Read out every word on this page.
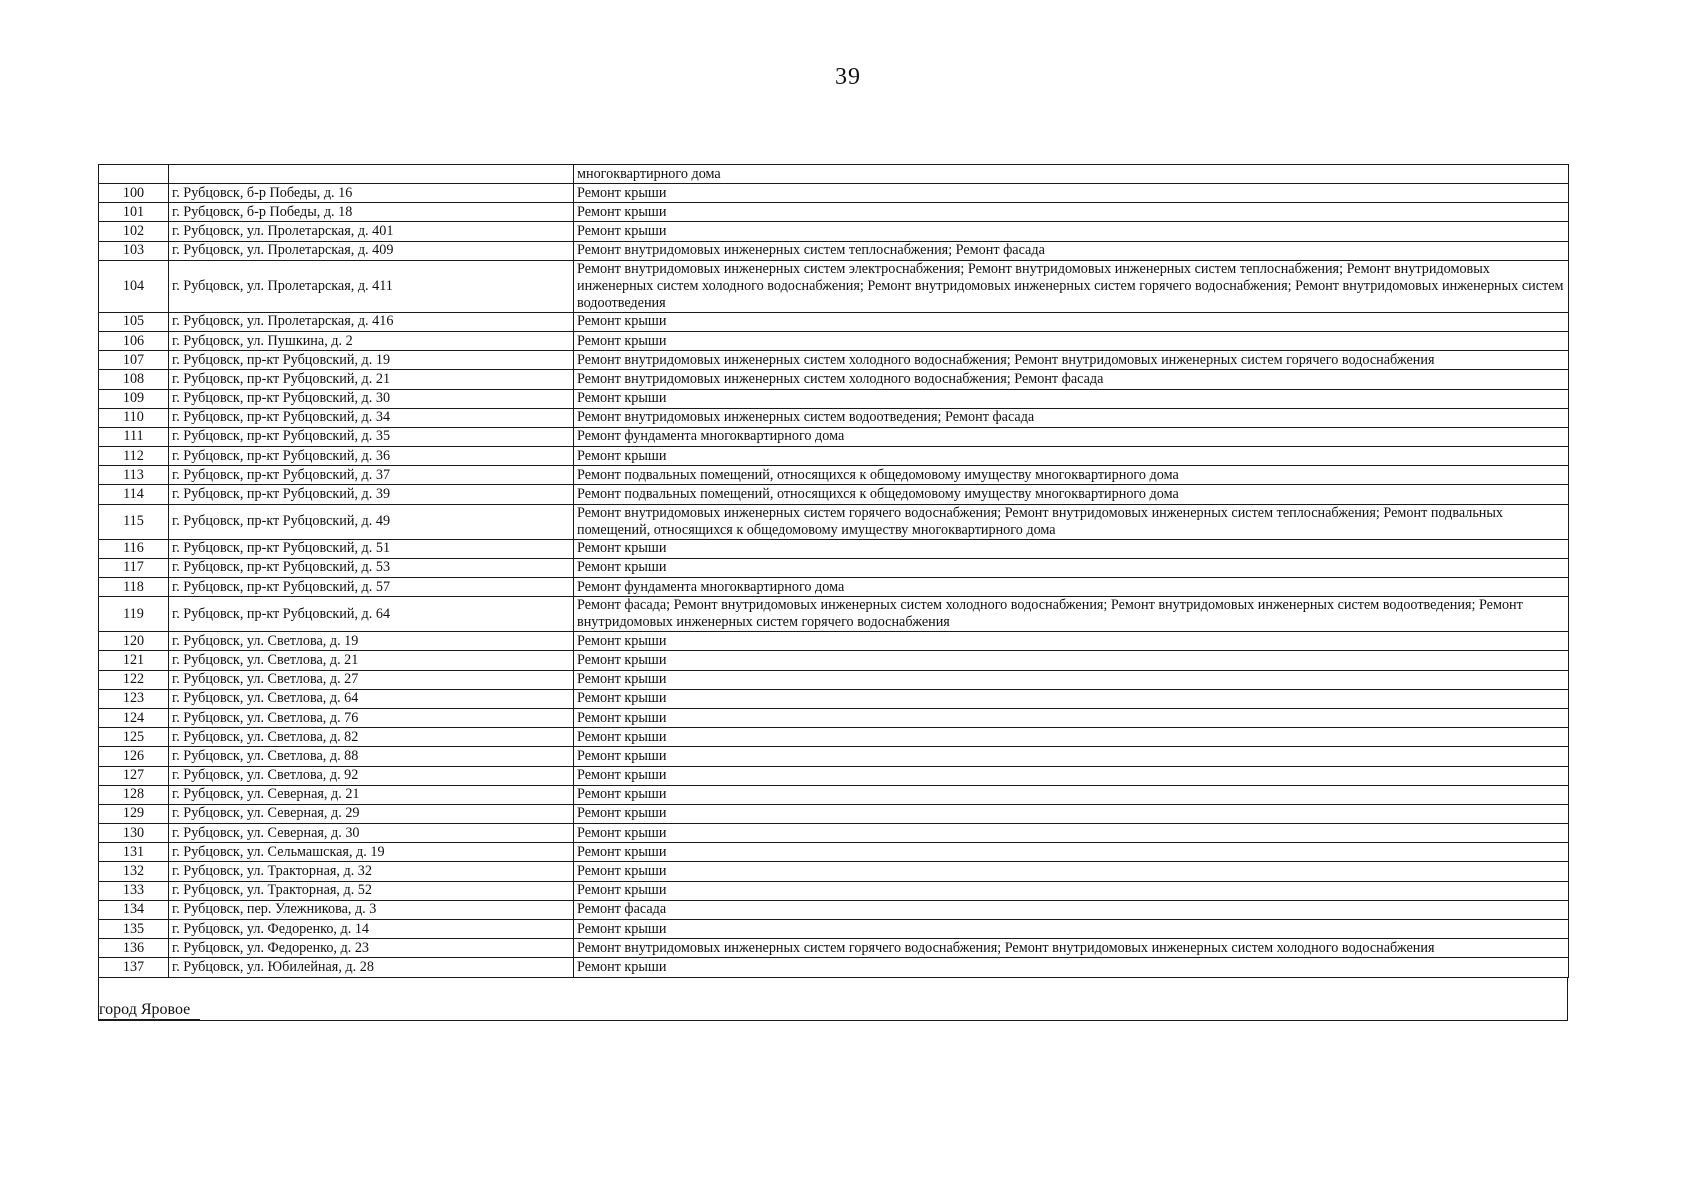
39
		многоквартирного дома
100	г. Рубцовск, б-р Победы, д. 16	Ремонт крыши
101	г. Рубцовск, б-р Победы, д. 18	Ремонт крыши
102	г. Рубцовск, ул. Пролетарская, д. 401	Ремонт крыши
103	г. Рубцовск, ул. Пролетарская, д. 409	Ремонт внутридомовых инженерных систем теплоснабжения; Ремонт фасада
104	г. Рубцовск, ул. Пролетарская, д. 411	Ремонт внутридомовых инженерных систем электроснабжения; Ремонт внутридомовых инженерных систем теплоснабжения; Ремонт внутридомовых инженерных систем холодного водоснабжения; Ремонт внутридомовых инженерных систем горячего водоснабжения; Ремонт внутридомовых инженерных систем водоотведения
105	г. Рубцовск, ул. Пролетарская, д. 416	Ремонт крыши
106	г. Рубцовск, ул. Пушкина, д. 2	Ремонт крыши
107	г. Рубцовск, пр-кт Рубцовский, д. 19	Ремонт внутридомовых инженерных систем холодного водоснабжения; Ремонт внутридомовых инженерных систем горячего водоснабжения
108	г. Рубцовск, пр-кт Рубцовский, д. 21	Ремонт внутридомовых инженерных систем холодного водоснабжения; Ремонт фасада
109	г. Рубцовск, пр-кт Рубцовский, д. 30	Ремонт крыши
110	г. Рубцовск, пр-кт Рубцовский, д. 34	Ремонт внутридомовых инженерных систем водоотведения; Ремонт фасада
111	г. Рубцовск, пр-кт Рубцовский, д. 35	Ремонт фундамента многоквартирного дома
112	г. Рубцовск, пр-кт Рубцовский, д. 36	Ремонт крыши
113	г. Рубцовск, пр-кт Рубцовский, д. 37	Ремонт подвальных помещений, относящихся к общедомовому имуществу многоквартирного дома
114	г. Рубцовск, пр-кт Рубцовский, д. 39	Ремонт подвальных помещений, относящихся к общедомовому имуществу многоквартирного дома
115	г. Рубцовск, пр-кт Рубцовский, д. 49	Ремонт внутридомовых инженерных систем горячего водоснабжения; Ремонт внутридомовых инженерных систем теплоснабжения; Ремонт подвальных помещений, относящихся к общедомовому имуществу многоквартирного дома
116	г. Рубцовск, пр-кт Рубцовский, д. 51	Ремонт крыши
117	г. Рубцовск, пр-кт Рубцовский, д. 53	Ремонт крыши
118	г. Рубцовск, пр-кт Рубцовский, д. 57	Ремонт фундамента многоквартирного дома
119	г. Рубцовск, пр-кт Рубцовский, д. 64	Ремонт фасада; Ремонт внутридомовых инженерных систем холодного водоснабжения; Ремонт внутридомовых инженерных систем водоотведения; Ремонт внутридомовых инженерных систем горячего водоснабжения
120	г. Рубцовск, ул. Светлова, д. 19	Ремонт крыши
121	г. Рубцовск, ул. Светлова, д. 21	Ремонт крыши
122	г. Рубцовск, ул. Светлова, д. 27	Ремонт крыши
123	г. Рубцовск, ул. Светлова, д. 64	Ремонт крыши
124	г. Рубцовск, ул. Светлова, д. 76	Ремонт крыши
125	г. Рубцовск, ул. Светлова, д. 82	Ремонт крыши
126	г. Рубцовск, ул. Светлова, д. 88	Ремонт крыши
127	г. Рубцовск, ул. Светлова, д. 92	Ремонт крыши
128	г. Рубцовск, ул. Северная, д. 21	Ремонт крыши
129	г. Рубцовск, ул. Северная, д. 29	Ремонт крыши
130	г. Рубцовск, ул. Северная, д. 30	Ремонт крыши
131	г. Рубцовск, ул. Сельмашская, д. 19	Ремонт крыши
132	г. Рубцовск, ул. Тракторная, д. 32	Ремонт крыши
133	г. Рубцовск, ул. Тракторная, д. 52	Ремонт крыши
134	г. Рубцовск, пер. Улежникова, д. 3	Ремонт фасада
135	г. Рубцовск, ул. Федоренко, д. 14	Ремонт крыши
136	г. Рубцовск, ул. Федоренко, д. 23	Ремонт внутридомовых инженерных систем горячего водоснабжения; Ремонт внутридомовых инженерных систем холодного водоснабжения
137	г. Рубцовск, ул. Юбилейная, д. 28	Ремонт крыши
город Яровое
